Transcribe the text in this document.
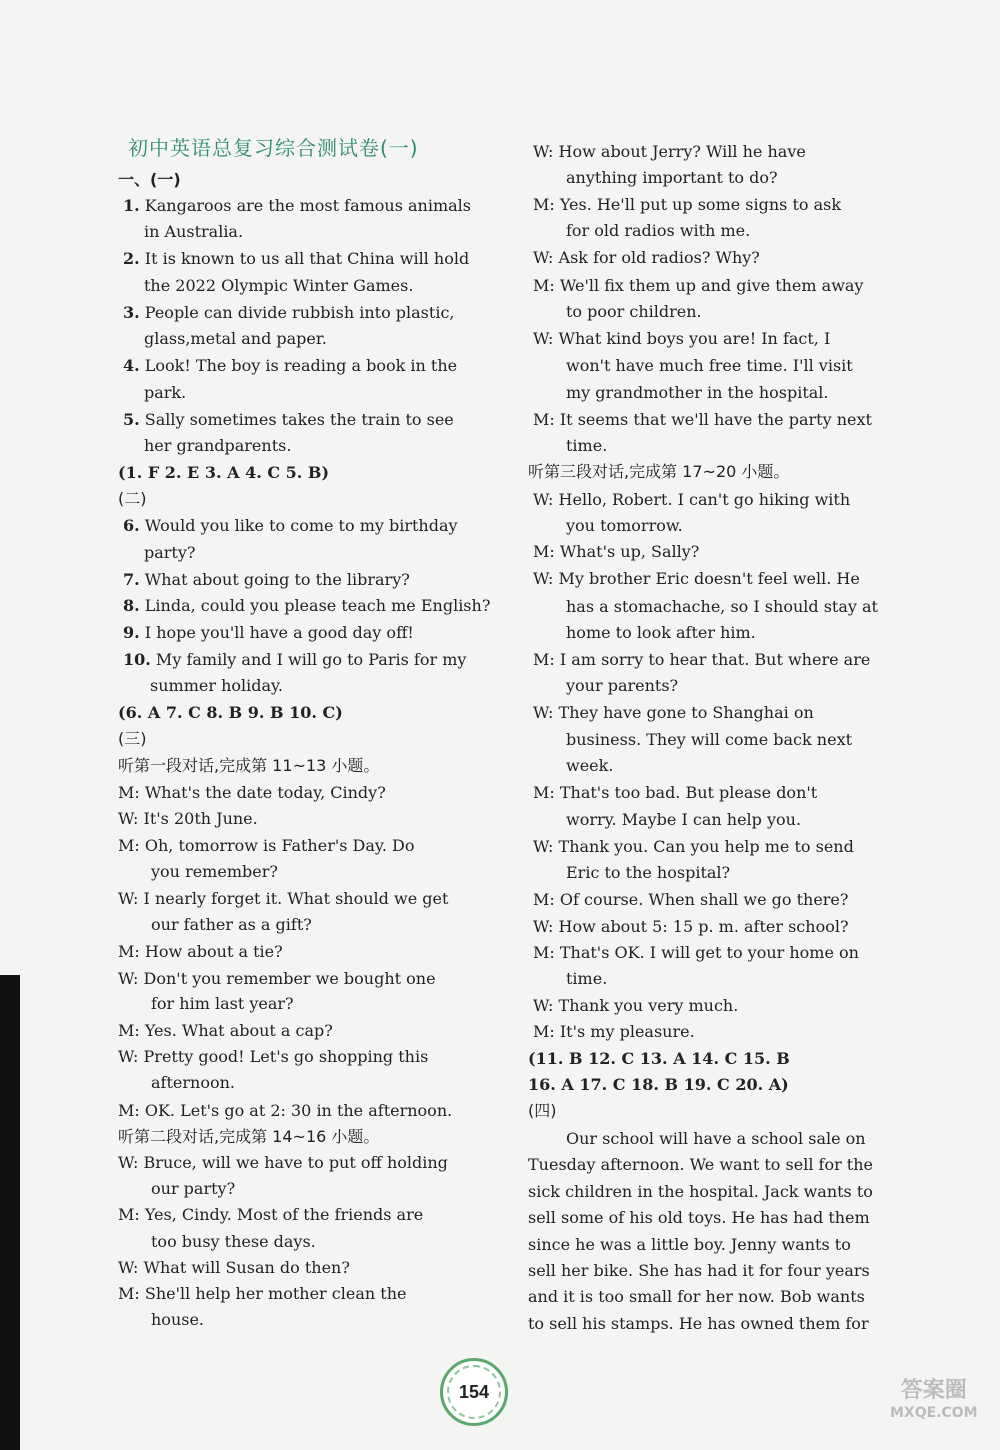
初中英语总复习综合测试卷(一)
一、(一)
1. Kangaroos are the most famous animals
in Australia.
2. It is known to us all that China will hold
the 2022 Olympic Winter Games.
3. People can divide rubbish into plastic,
glass,metal and paper.
4. Look! The boy is reading a book in the
park.
5. Sally sometimes takes the train to see
her grandparents.
(1. F 2. E 3. A 4. C 5. B)
(二)
6. Would you like to come to my birthday
party?
7. What about going to the library?
8. Linda, could you please teach me English?
9. I hope you'll have a good day off!
10. My family and I will go to Paris for my
summer holiday.
(6. A 7. C 8. B 9. B 10. C)
(三)
听第一段对话,完成第 11~13 小题。
M: What's the date today, Cindy?
W: It's 20th June.
M: Oh, tomorrow is Father's Day. Do
you remember?
W: I nearly forget it. What should we get
our father as a gift?
M: How about a tie?
W: Don't you remember we bought one
for him last year?
M: Yes. What about a cap?
W: Pretty good! Let's go shopping this
afternoon.
M: OK. Let's go at 2: 30 in the afternoon.
听第二段对话,完成第 14~16 小题。
W: Bruce, will we have to put off holding
our party?
M: Yes, Cindy. Most of the friends are
too busy these days.
W: What will Susan do then?
M: She'll help her mother clean the
house.
W: How about Jerry? Will he have
anything important to do?
M: Yes. He'll put up some signs to ask
for old radios with me.
W: Ask for old radios? Why?
M: We'll fix them up and give them away
to poor children.
W: What kind boys you are! In fact, I
won't have much free time. I'll visit
my grandmother in the hospital.
M: It seems that we'll have the party next
time.
听第三段对话,完成第 17~20 小题。
W: Hello, Robert. I can't go hiking with
you tomorrow.
M: What's up, Sally?
W: My brother Eric doesn't feel well. He
has a stomachache, so I should stay at
home to look after him.
M: I am sorry to hear that. But where are
your parents?
W: They have gone to Shanghai on
business. They will come back next
week.
M: That's too bad. But please don't
worry. Maybe I can help you.
W: Thank you. Can you help me to send
Eric to the hospital?
M: Of course. When shall we go there?
W: How about 5: 15 p. m. after school?
M: That's OK. I will get to your home on
time.
W: Thank you very much.
M: It's my pleasure.
(11. B 12. C 13. A 14. C 15. B
16. A 17. C 18. B 19. C 20. A)
(四)
Our school will have a school sale on
Tuesday afternoon. We want to sell for the
sick children in the hospital. Jack wants to
sell some of his old toys. He has had them
since he was a little boy. Jenny wants to
sell her bike. She has had it for four years
and it is too small for her now. Bob wants
to sell his stamps. He has owned them for
154	答案圈
MXQE.COM
